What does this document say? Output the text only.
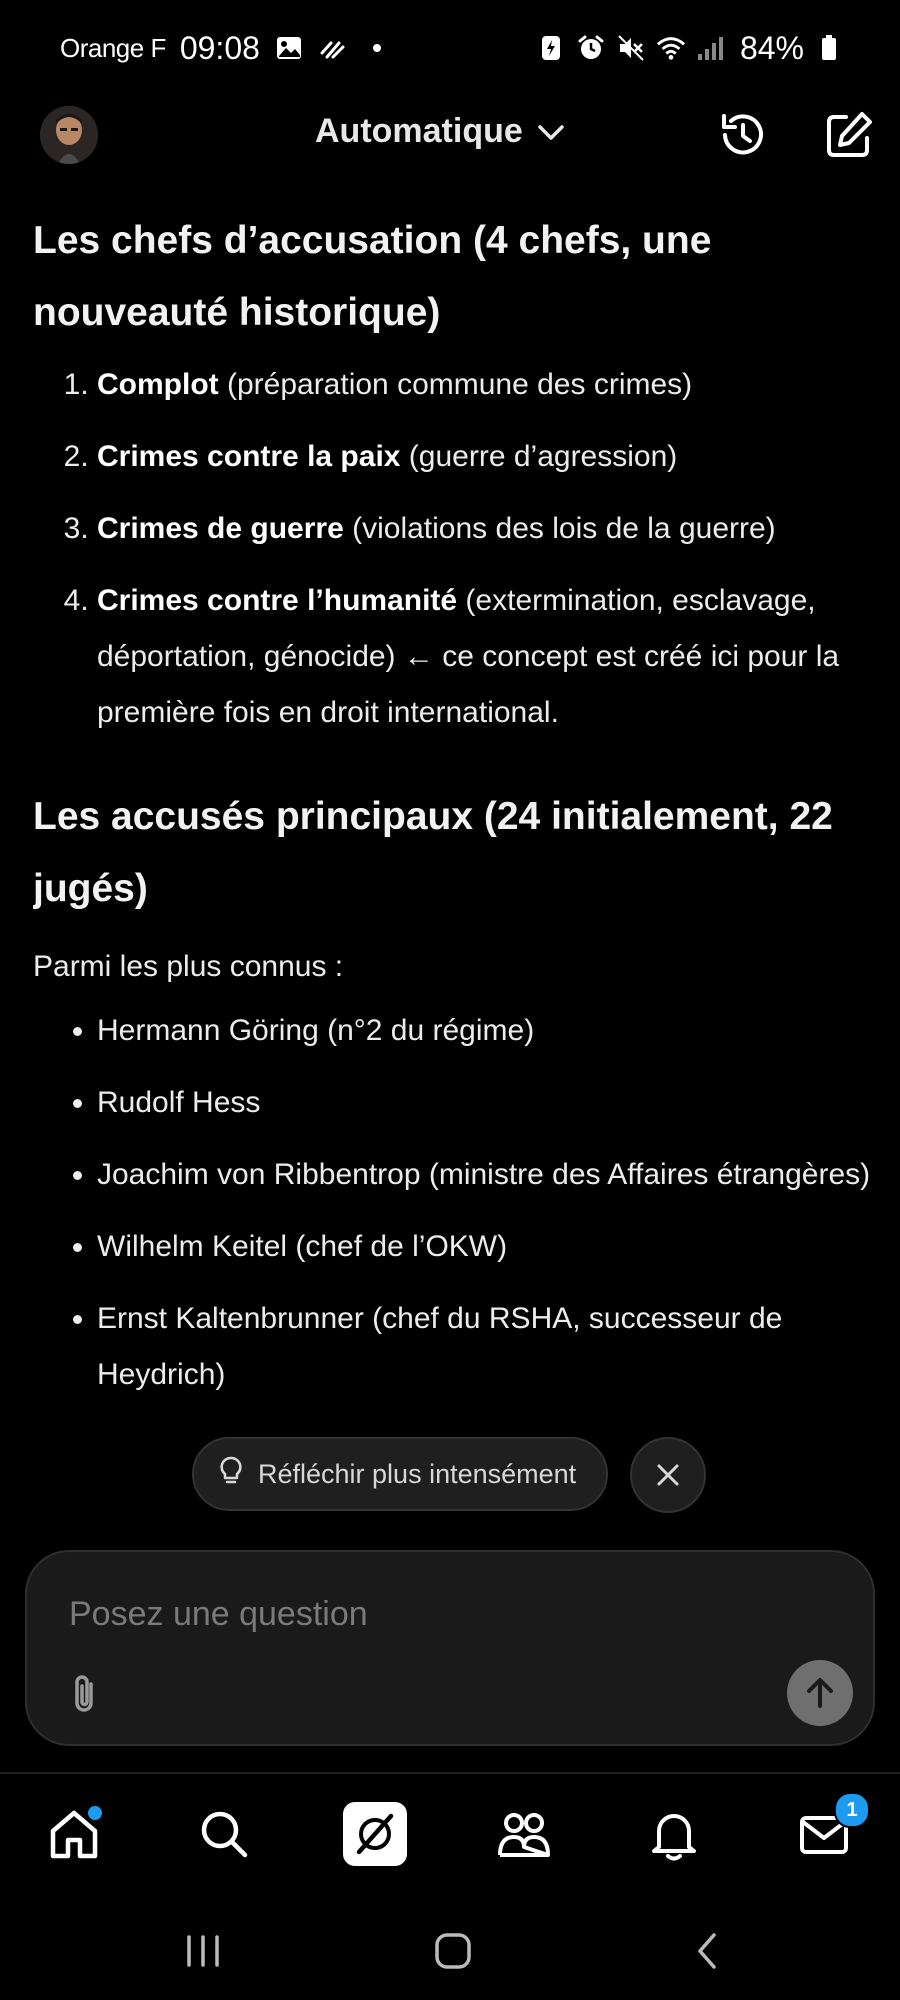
Orange F 09:08	84%
Automatique
Les chefs d’accusation (4 chefs, une nouveauté historique)
1. Complot (préparation commune des crimes)
2. Crimes contre la paix (guerre d’agression)
3. Crimes de guerre (violations des lois de la guerre)
4. Crimes contre l’humanité (extermination, esclavage, déportation, génocide) ← ce concept est créé ici pour la première fois en droit international.
Les accusés principaux (24 initialement, 22 jugés)

Parmi les plus connus :

• Hermann Göring (n°2 du régime)
• Rudolf Hess
• Joachim von Ribbentrop (ministre des Affaires étrangères)
• Wilhelm Keitel (chef de l’OKW)
• Ernst Kaltenbrunner (chef du RSHA, successeur de Heydrich)
Réfléchir plus intensément
Posez une question
1
